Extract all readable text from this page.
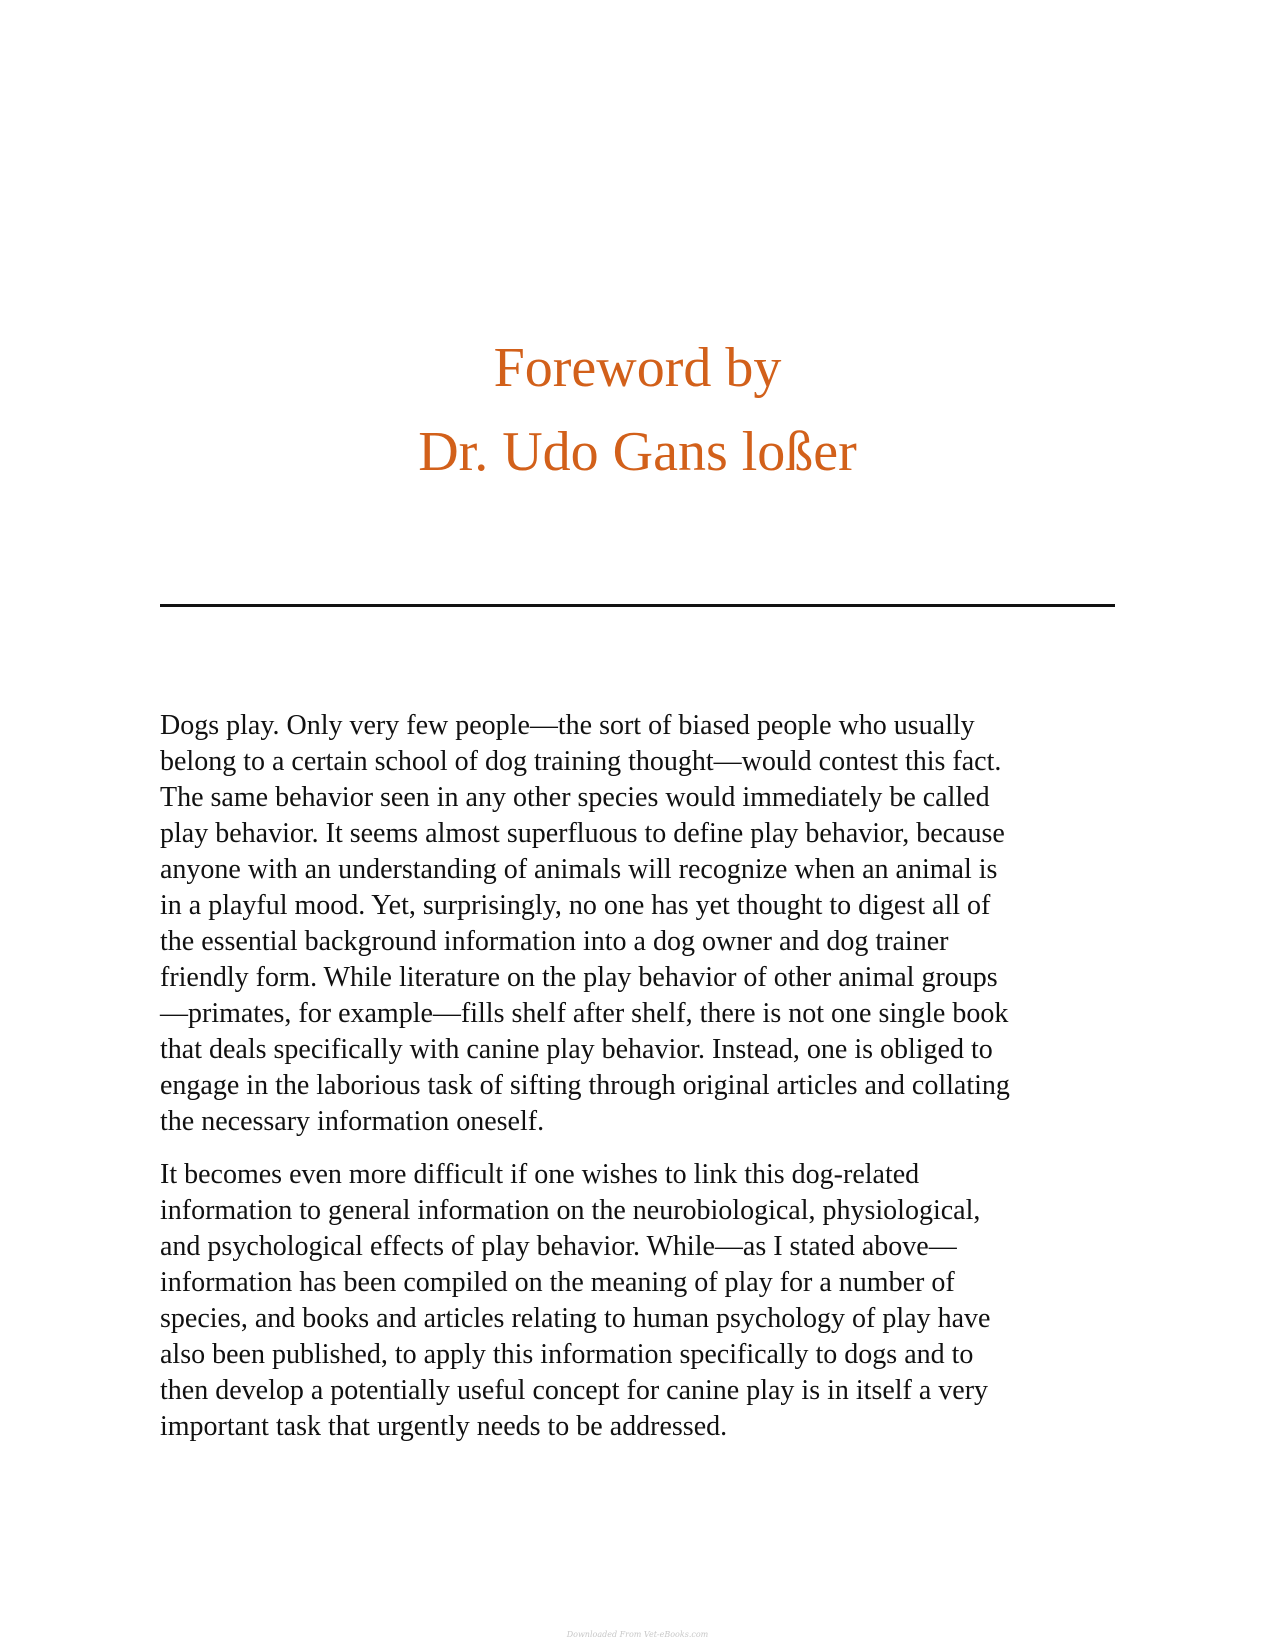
Foreword by
Dr. Udo Gans loßer

Dogs play. Only very few people—the sort of biased people who usually
belong to a certain school of dog training thought—would contest this fact.
The same behavior seen in any other species would immediately be called
play behavior. It seems almost superfluous to define play behavior, because
anyone with an understanding of animals will recognize when an animal is
in a playful mood. Yet, surprisingly, no one has yet thought to digest all of
the essential background information into a dog owner and dog trainer
friendly form. While literature on the play behavior of other animal groups
—primates, for example—fills shelf after shelf, there is not one single book
that deals specifically with canine play behavior. Instead, one is obliged to
engage in the laborious task of sifting through original articles and collating
the necessary information oneself.

It becomes even more difficult if one wishes to link this dog-related
information to general information on the neurobiological, physiological,
and psychological effects of play behavior. While—as I stated above—
information has been compiled on the meaning of play for a number of
species, and books and articles relating to human psychology of play have
also been published, to apply this information specifically to dogs and to
then develop a potentially useful concept for canine play is in itself a very
important task that urgently needs to be addressed.

Downloaded From Vet-eBooks.com
